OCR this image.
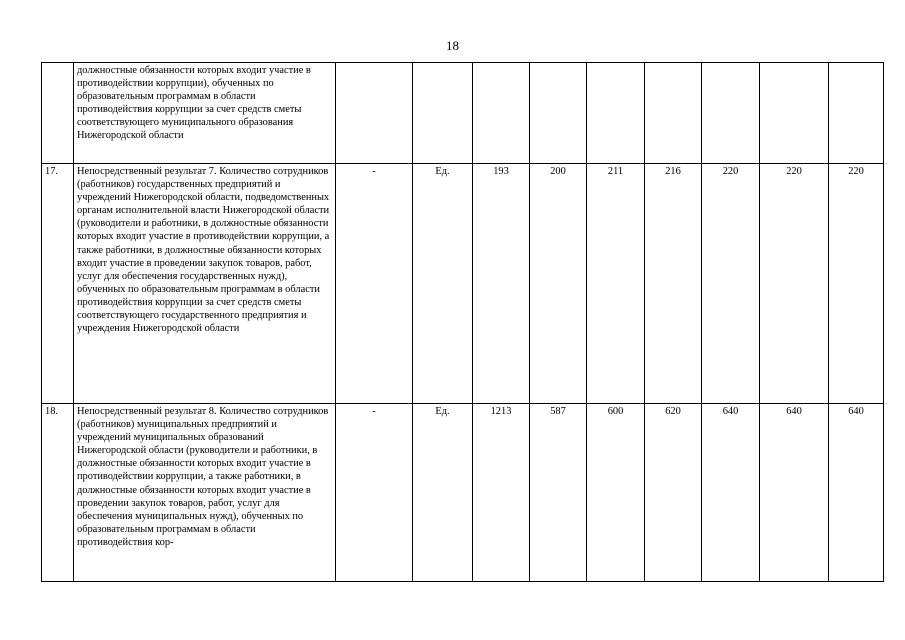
18
	должностные обязанности которых входит участие в противодействии коррупции), обученных по образовательным программам в области противодействия коррупции за счет средств сметы соответствующего муниципального образования Нижегородской области									
17.	Непосредственный результат 7. Количество сотрудников (работников) государственных предприятий и учреждений Нижегородской области, подведомственных органам исполнительной власти Нижегородской области (руководители и работники, в должностные обязанности которых входит участие в противодействии коррупции, а также работники, в должностные обязанности которых входит участие в проведении закупок товаров, работ, услуг для обеспечения государственных нужд), обученных по образовательным программам в области противодействия коррупции за счет средств сметы соответствующего государственного предприятия и учреждения Нижегородской области	-	Ед.	193	200	211	216	220	220	220
18.	Непосредственный результат 8. Количество сотрудников (работников) муниципальных предприятий и учреждений муниципальных образований Нижегородской области (руководители и работники, в должностные обязанности которых входит участие в противодействии коррупции, а также работники, в должностные обязанности которых входит участие в проведении закупок товаров, работ, услуг для обеспечения муниципальных нужд), обученных по образовательным программам в области противодействия кор-	-	Ед.	1213	587	600	620	640	640	640
